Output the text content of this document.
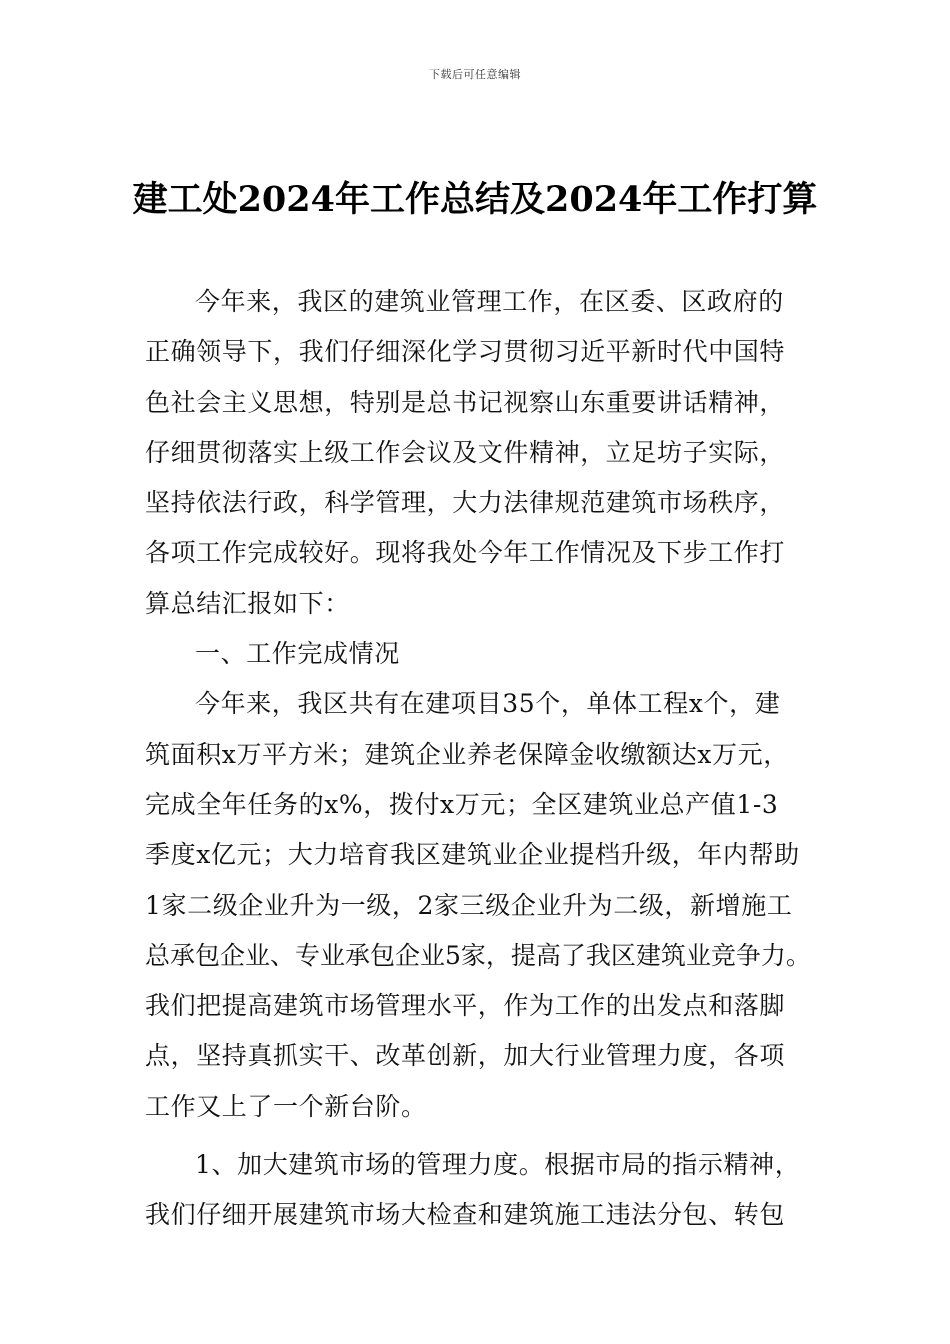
下载后可任意编辑
建工处2024年工作总结及2024年工作打算
今年来，我区的建筑业管理工作，在区委、区政府的
正确领导下，我们仔细深化学习贯彻习近平新时代中国特
色社会主义思想，特别是总书记视察山东重要讲话精神，
仔细贯彻落实上级工作会议及文件精神，立足坊子实际，
坚持依法行政，科学管理，大力法律规范建筑市场秩序，
各项工作完成较好。现将我处今年工作情况及下步工作打
算总结汇报如下：
一、工作完成情况
今年来，我区共有在建项目35个，单体工程x个，建
筑面积x万平方米；建筑企业养老保障金收缴额达x万元，
完成全年任务的x%，拨付x万元；全区建筑业总产值1-3
季度x亿元；大力培育我区建筑业企业提档升级，年内帮助
1家二级企业升为一级，2家三级企业升为二级，新增施工
总承包企业、专业承包企业5家，提高了我区建筑业竞争力。
我们把提高建筑市场管理水平，作为工作的出发点和落脚
点，坚持真抓实干、改革创新，加大行业管理力度，各项
工作又上了一个新台阶。
1、加大建筑市场的管理力度。根据市局的指示精神，
我们仔细开展建筑市场大检查和建筑施工违法分包、转包
